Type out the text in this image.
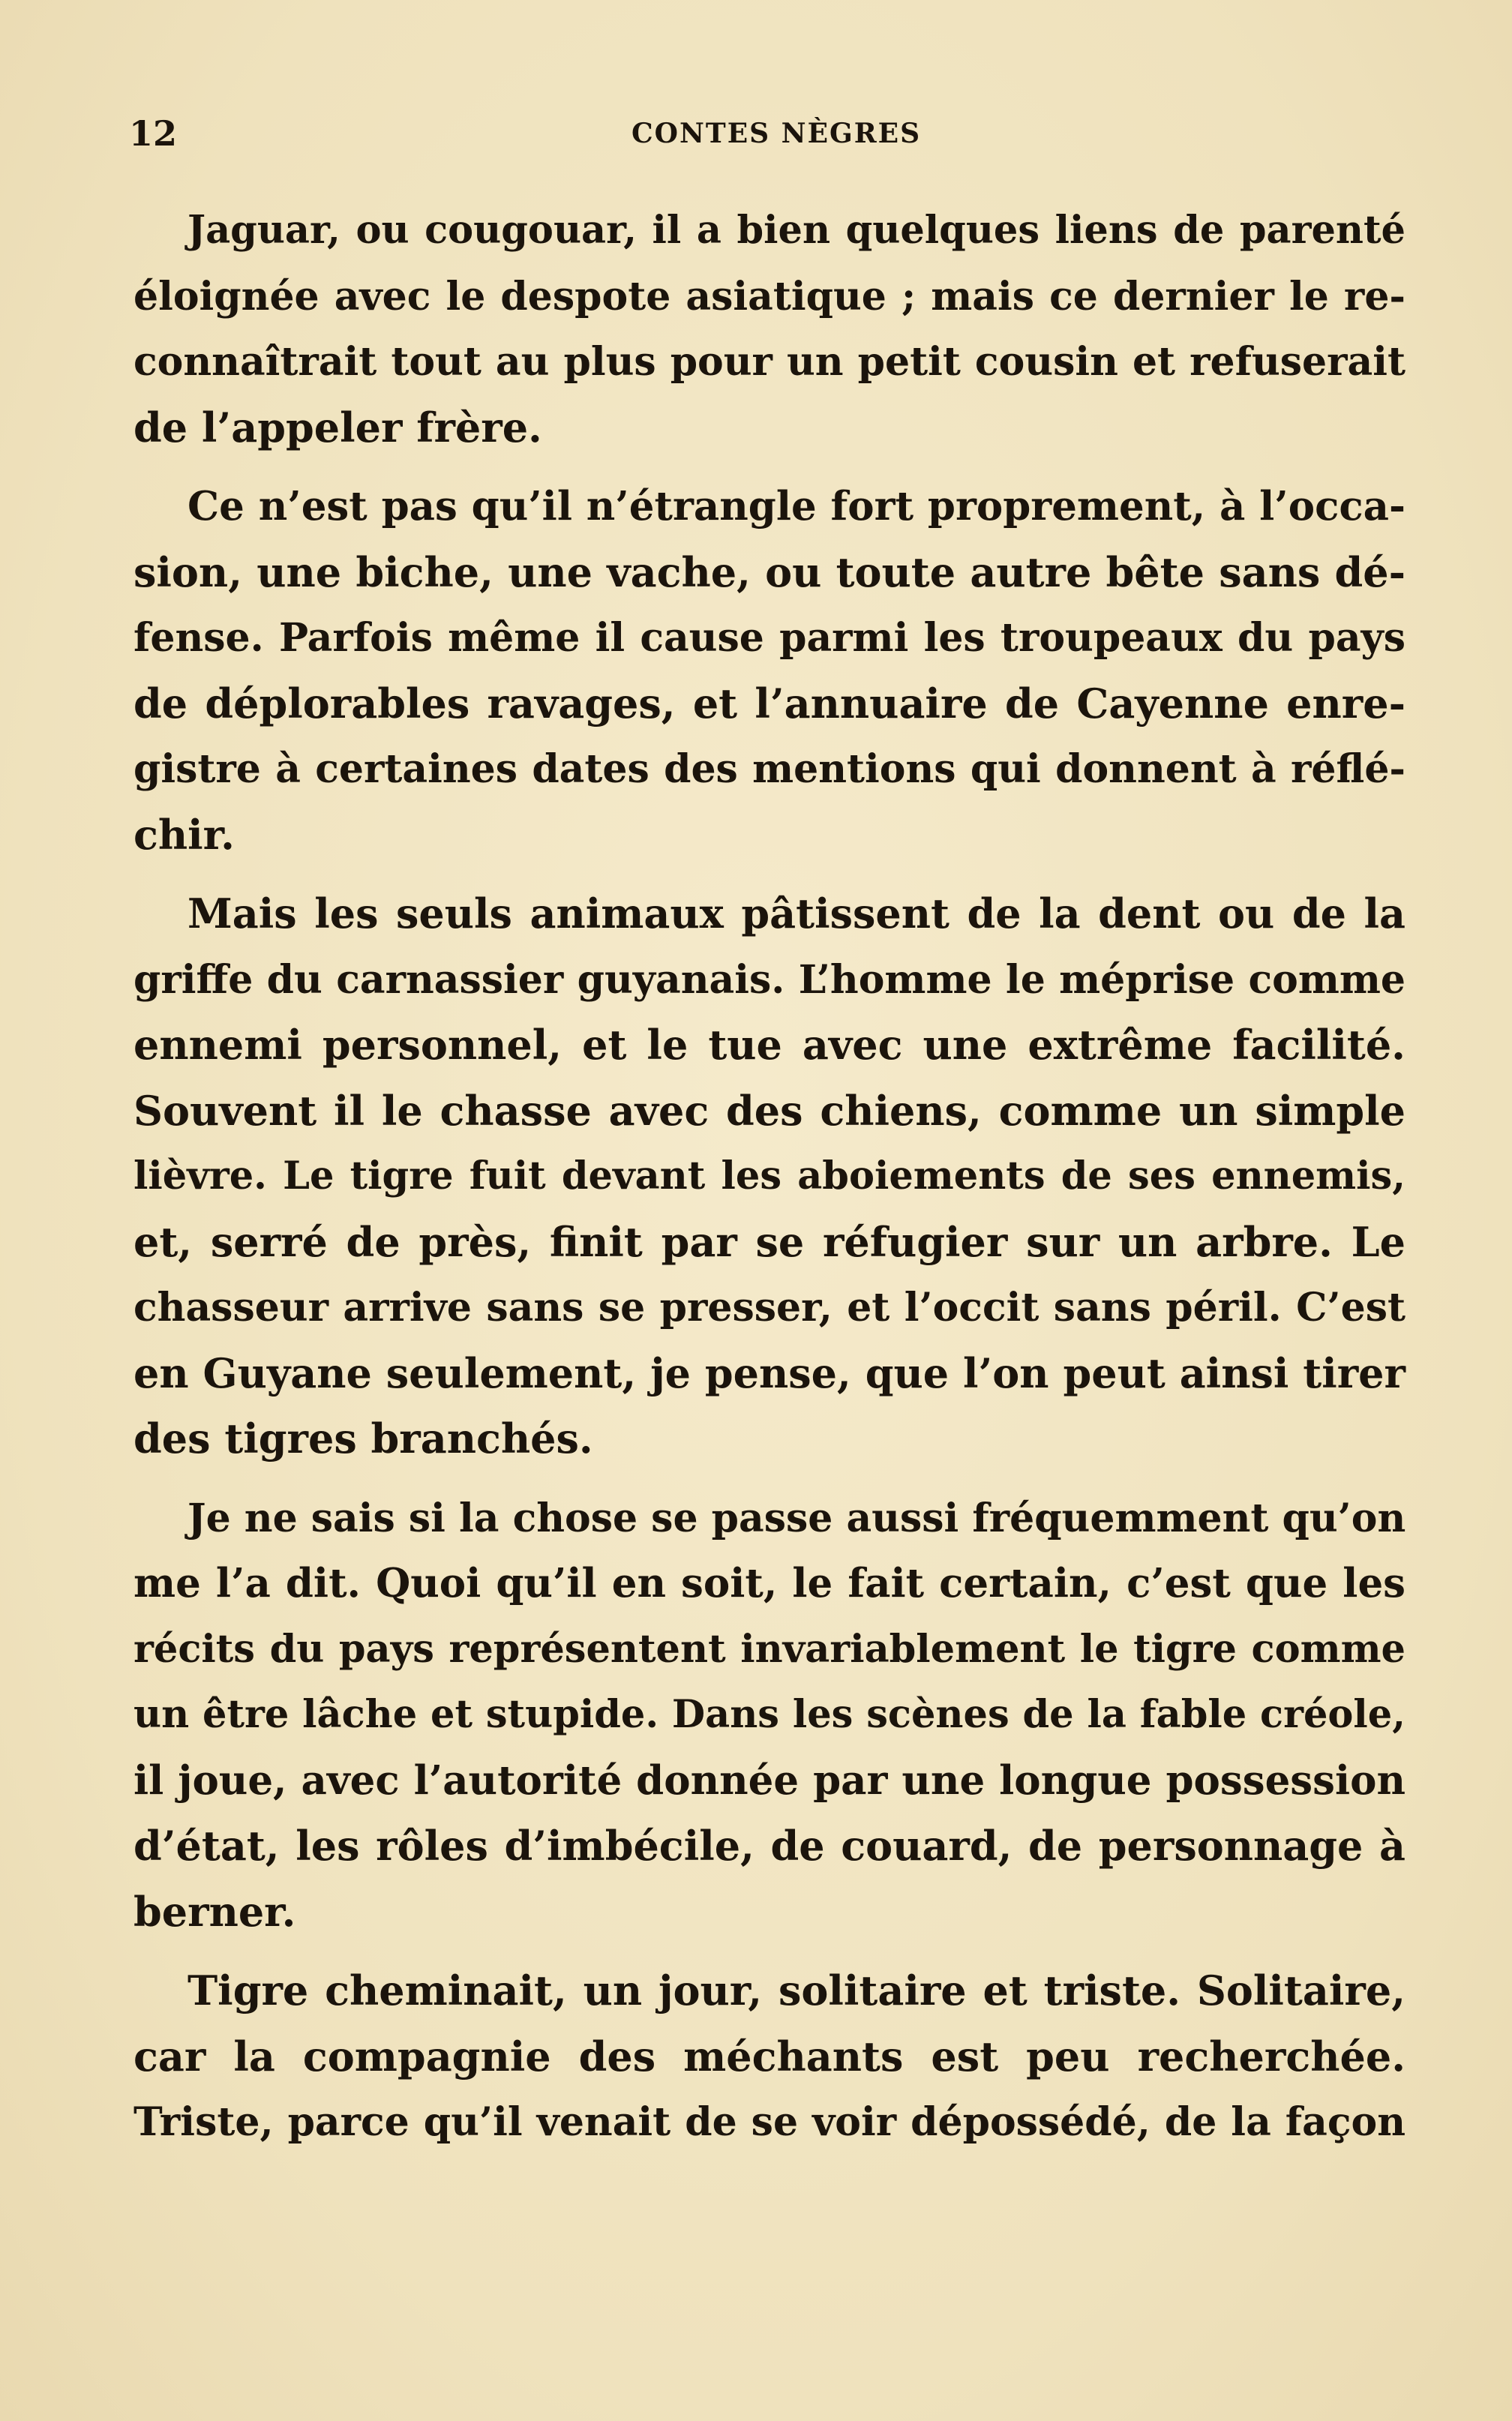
12	CONTES NÈGRES

Jaguar, ou cougouar, il a bien quelques liens de parenté
éloignée avec le despote asiatique ; mais ce dernier le re-
connaîtrait tout au plus pour un petit cousin et refuserait
de l’appeler frère.

Ce n’est pas qu’il n’étrangle fort proprement, à l’occa-
sion, une biche, une vache, ou toute autre bête sans dé-
fense. Parfois même il cause parmi les troupeaux du pays
de déplorables ravages, et l’annuaire de Cayenne enre-
gistre à certaines dates des mentions qui donnent à réflé-
chir.

Mais les seuls animaux pâtissent de la dent ou de la
griffe du carnassier guyanais. L’homme le méprise comme
ennemi personnel, et le tue avec une extrême facilité.
Souvent il le chasse avec des chiens, comme un simple
lièvre. Le tigre fuit devant les aboiements de ses ennemis,
et, serré de près, finit par se réfugier sur un arbre. Le
chasseur arrive sans se presser, et l’occit sans péril. C’est
en Guyane seulement, je pense, que l’on peut ainsi tirer
des tigres branchés.

Je ne sais si la chose se passe aussi fréquemment qu’on
me l’a dit. Quoi qu’il en soit, le fait certain, c’est que les
récits du pays représentent invariablement le tigre comme
un être lâche et stupide. Dans les scènes de la fable créole,
il joue, avec l’autorité donnée par une longue possession
d’état, les rôles d’imbécile, de couard, de personnage à
berner.

Tigre cheminait, un jour, solitaire et triste. Solitaire,
car la compagnie des méchants est peu recherchée.
Triste, parce qu’il venait de se voir dépossédé, de la façon
